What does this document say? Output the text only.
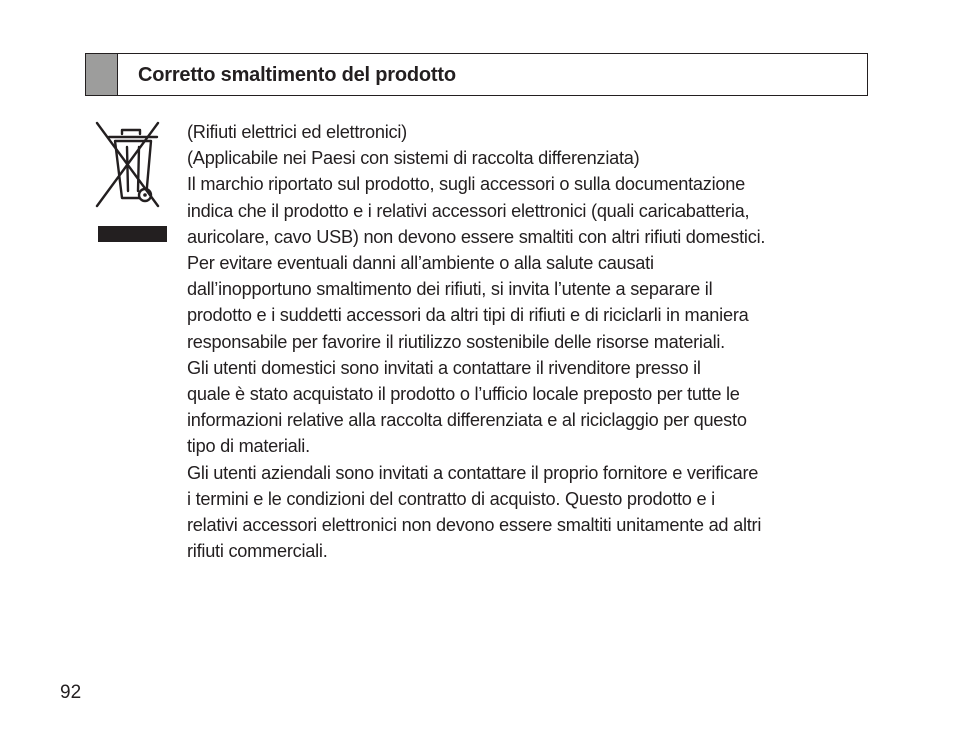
Corretto smaltimento del prodotto

(Rifiuti elettrici ed elettronici)

(Applicabile nei Paesi con sistemi di raccolta differenziata)

Il marchio riportato sul prodotto, sugli accessori o sulla documentazione

indica che il prodotto e i relativi accessori elettronici (quali caricabatteria,

auricolare, cavo USB) non devono essere smaltiti con altri rifiuti domestici.

Per evitare eventuali danni all’ambiente o alla salute causati

dall’inopportuno smaltimento dei rifiuti, si invita l’utente a separare il

prodotto e i suddetti accessori da altri tipi di rifiuti e di riciclarli in maniera

responsabile per favorire il riutilizzo sostenibile delle risorse materiali.

Gli utenti domestici sono invitati a contattare il rivenditore presso il

quale è stato acquistato il prodotto o l’ufficio locale preposto per tutte le

informazioni relative alla raccolta differenziata e al riciclaggio per questo

tipo di materiali.

Gli utenti aziendali sono invitati a contattare il proprio fornitore e verificare

i termini e le condizioni del contratto di acquisto. Questo prodotto e i

relativi accessori elettronici non devono essere smaltiti unitamente ad altri

rifiuti commerciali.

92
